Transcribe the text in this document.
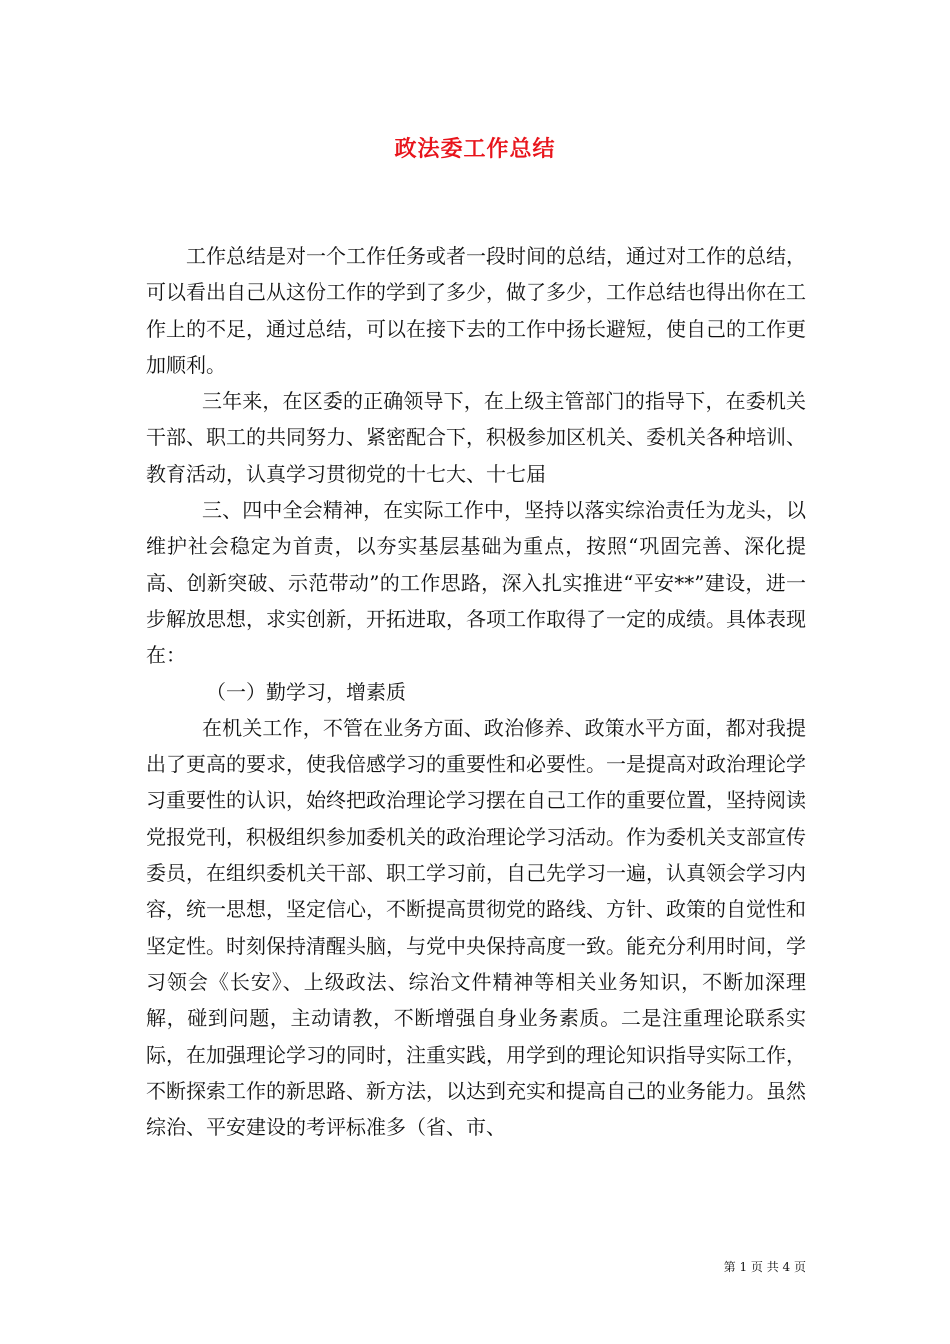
政法委工作总结

工作总结是对一个工作任务或者一段时间的总结，通过对工作的总结，可以看出自己从这份工作的学到了多少，做了多少，工作总结也得出你在工作上的不足，通过总结，可以在接下去的工作中扬长避短，使自己的工作更加顺利。

三年来，在区委的正确领导下，在上级主管部门的指导下，在委机关干部、职工的共同努力、紧密配合下，积极参加区机关、委机关各种培训、教育活动，认真学习贯彻党的十七大、十七届

三、四中全会精神，在实际工作中，坚持以落实综治责任为龙头，以维护社会稳定为首责，以夯实基层基础为重点，按照“巩固完善、深化提高、创新突破、示范带动”的工作思路，深入扎实推进“平安**”建设，进一步解放思想，求实创新，开拓进取，各项工作取得了一定的成绩。具体表现在：

（一）勤学习，增素质

在机关工作，不管在业务方面、政治修养、政策水平方面，都对我提出了更高的要求，使我倍感学习的重要性和必要性。一是提高对政治理论学习重要性的认识，始终把政治理论学习摆在自己工作的重要位置，坚持阅读党报党刊，积极组织参加委机关的政治理论学习活动。作为委机关支部宣传委员，在组织委机关干部、职工学习前，自己先学习一遍，认真领会学习内容，统一思想，坚定信心，不断提高贯彻党的路线、方针、政策的自觉性和坚定性。时刻保持清醒头脑，与党中央保持高度一致。能充分利用时间，学习领会《长安》、上级政法、综治文件精神等相关业务知识，不断加深理解，碰到问题，主动请教，不断增强自身业务素质。二是注重理论联系实际，在加强理论学习的同时，注重实践，用学到的理论知识指导实际工作，不断探索工作的新思路、新方法，以达到充实和提高自己的业务能力。虽然综治、平安建设的考评标准多（省、市、

第 1 页 共 4 页
